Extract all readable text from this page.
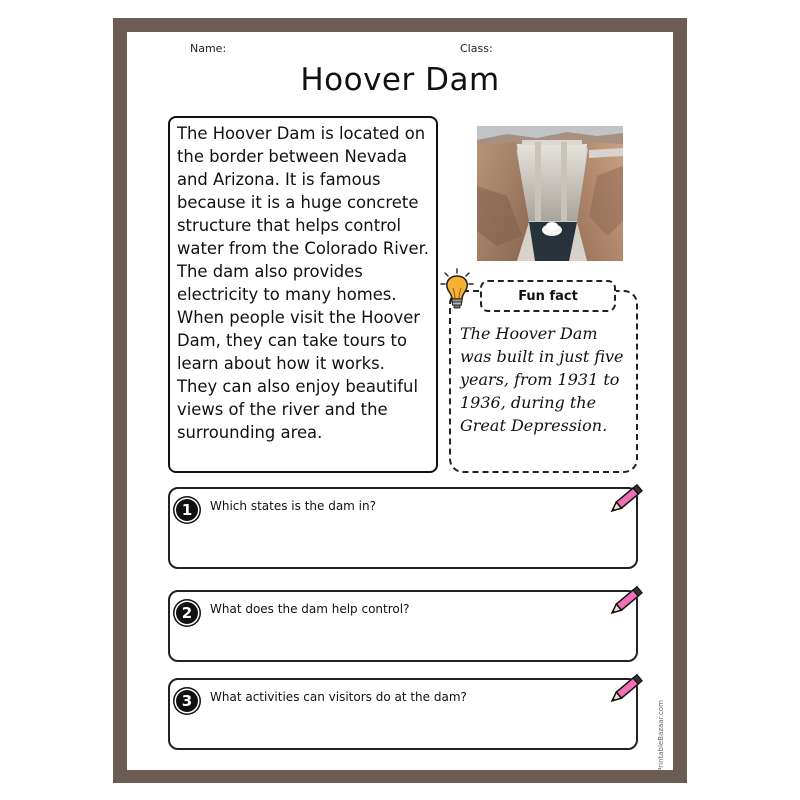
Name:	Class:
Hoover Dam
The Hoover Dam is located on the border between Nevada and Arizona. It is famous because it is a huge concrete structure that helps control water from the Colorado River. The dam also provides electricity to many homes. When people visit the Hoover Dam, they can take tours to learn about how it works. They can also enjoy beautiful views of the river and the surrounding area.
The Hoover Dam was built in just five years, from 1931 to 1936, during the Great Depression.
Fun fact
1	Which states is the dam in?
2	What does the dam help control?
3	What activities can visitors do at the dam?
© PrintableBazaar.com
